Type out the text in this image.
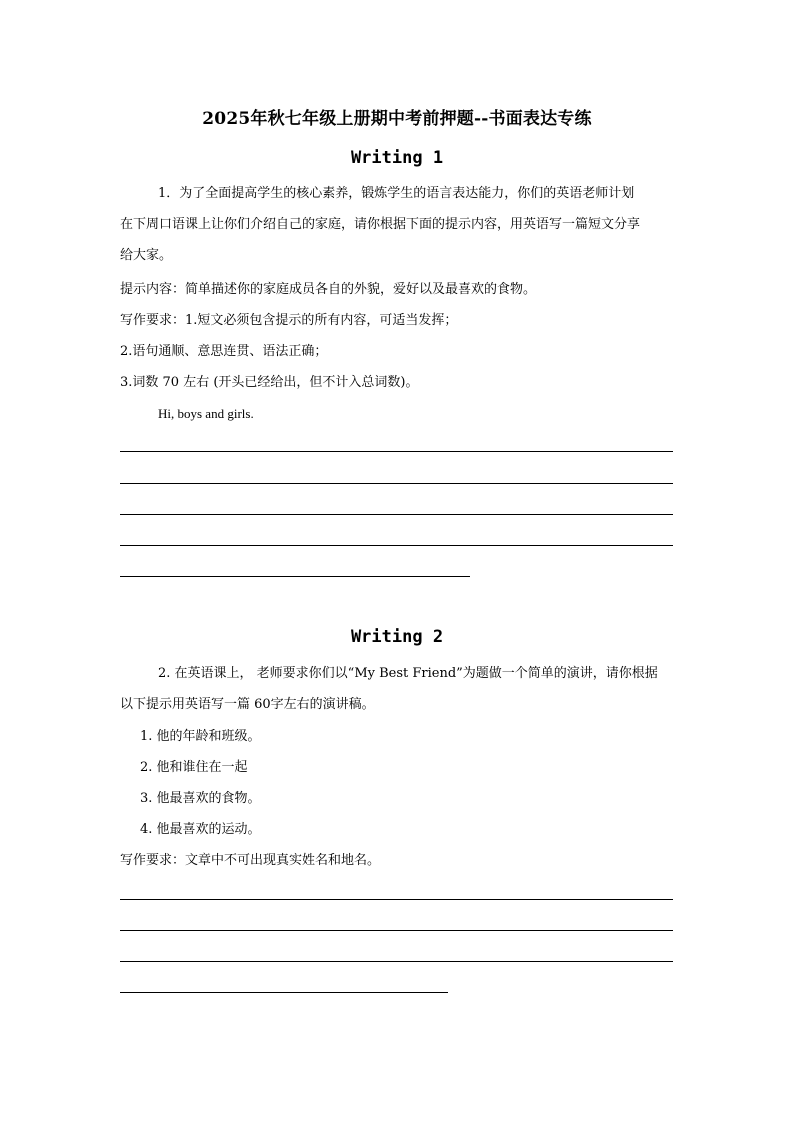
2025年秋七年级上册期中考前押题--书面表达专练
Writing 1
1．为了全面提高学生的核心素养，锻炼学生的语言表达能力，你们的英语老师计划
在下周口语课上让你们介绍自己的家庭，请你根据下面的提示内容，用英语写一篇短文分享
给大家。
提示内容：简单描述你的家庭成员各自的外貌，爱好以及最喜欢的食物。
写作要求：1.短文必须包含提示的所有内容，可适当发挥；
2.语句通顺、意思连贯、语法正确；
3.词数 70 左右 (开头已经给出，但不计入总词数)。
Hi, boys and girls.
Writing 2
2. 在英语课上， 老师要求你们以“My Best Friend”为题做一个简单的演讲，请你根据
以下提示用英语写一篇 60字左右的演讲稿。
1. 他的年龄和班级。
2. 他和谁住在一起
3. 他最喜欢的食物。
4. 他最喜欢的运动。
写作要求：文章中不可出现真实姓名和地名。
